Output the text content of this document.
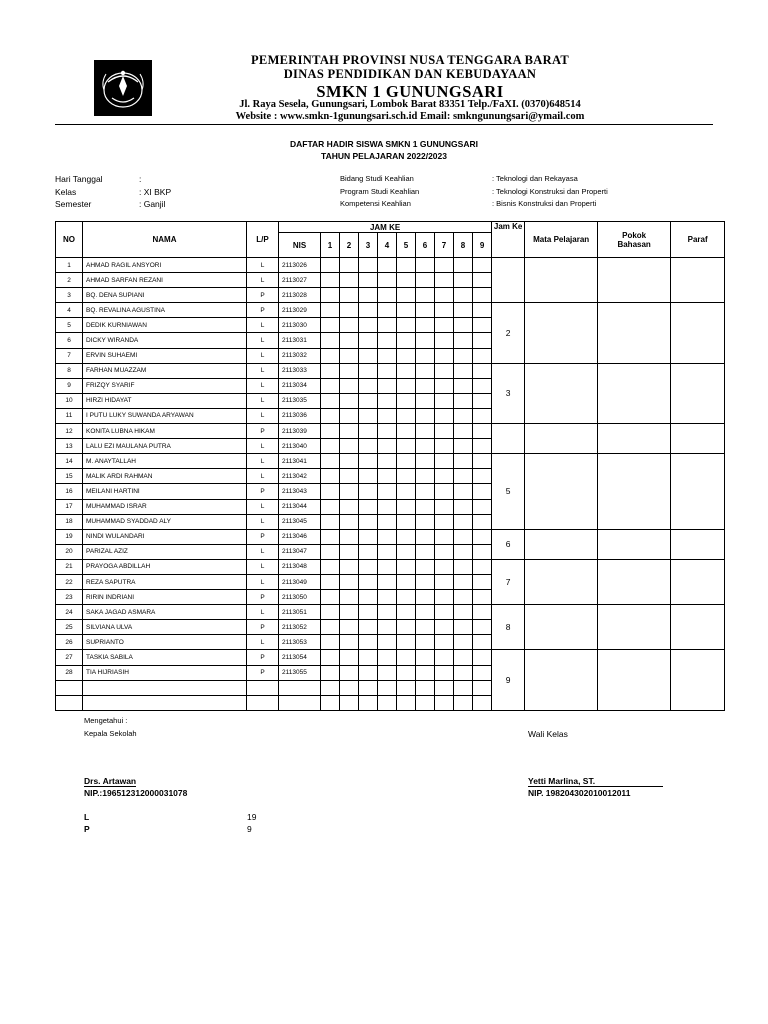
PEMERINTAH PROVINSI NUSA TENGGARA BARAT
DINAS PENDIDIKAN DAN KEBUDAYAAN
SMKN 1 GUNUNGSARI
Jl. Raya Sesela, Gunungsari, Lombok Barat 83351 Telp./FaXI. (0370)648514
Website : www.smkn-1gunungsari.sch.id Email: smkngunungsari@ymail.com
DAFTAR HADIR SISWA SMKN 1 GUNUNGSARI
TAHUN PELAJARAN 2022/2023
Hari Tanggal	:
Kelas	: XI BKP
Semester	: Ganjil
Bidang Studi Keahlian	: Teknologi dan Rekayasa
Program Studi Keahlian	: Teknologi Konstruksi dan Properti
Kompetensi Keahlian	: Bisnis Konstruksi dan Properti
NO	NAMA	L/P	JAM KE										Jam Ke	Mata Pelajaran	Pokok
Bahasan	Paraf
			NIS	1	2	3	4	5	6	7	8	9				
1	AHMAD RAGIL ANSYORI	L	2113026													
2	AHMAD SARFAN REZANI	L	2113027													
3	BQ. DENA SUPIANI	P	2113028													
4	BQ. REVALINA AGUSTINA	P	2113029										2			
5	DEDIK KURNIAWAN	L	2113030													
6	DICKY WIRANDA	L	2113031													
7	ERVIN SUHAEMI	L	2113032													
8	FARHAN MUAZZAM	L	2113033										3			
9	FRIZQY SYARIF	L	2113034													
10	HIRZI HIDAYAT	L	2113035													
11	I PUTU LUKY SUWANDA ARYAWAN	L	2113036													
12	KONITA LUBNA HIKAM	P	2113039													
13	LALU EZI MAULANA PUTRA	L	2113040													
14	M. ANAYTALLAH	L	2113041										5			
15	MALIK ARDI RAHMAN	L	2113042													
16	MEILANI HARTINI	P	2113043													
17	MUHAMMAD ISRAR	L	2113044													
18	MUHAMMAD SYADDAD ALY	L	2113045													
19	NINDI WULANDARI	P	2113046										6			
20	PARIZAL AZIZ	L	2113047													
21	PRAYOGA ABDILLAH	L	2113048										7			
22	REZA SAPUTRA	L	2113049													
23	RIRIN INDRIANI	P	2113050													
24	SAKA JAGAD ASMARA	L	2113051										8			
25	SILVIANA ULVA	P	2113052													
26	SUPRIANTO	L	2113053													
27	TASKIA SABILA	P	2113054										9			
28	TIA HIJRIASIH	P	2113055													

Mengetahui :
Kepala Sekolah	Wali Kelas
Drs. Artawan
NIP.:196512312000031078
Yetti Marlina, ST.
NIP. 198204302010012011
L	19
P	9
